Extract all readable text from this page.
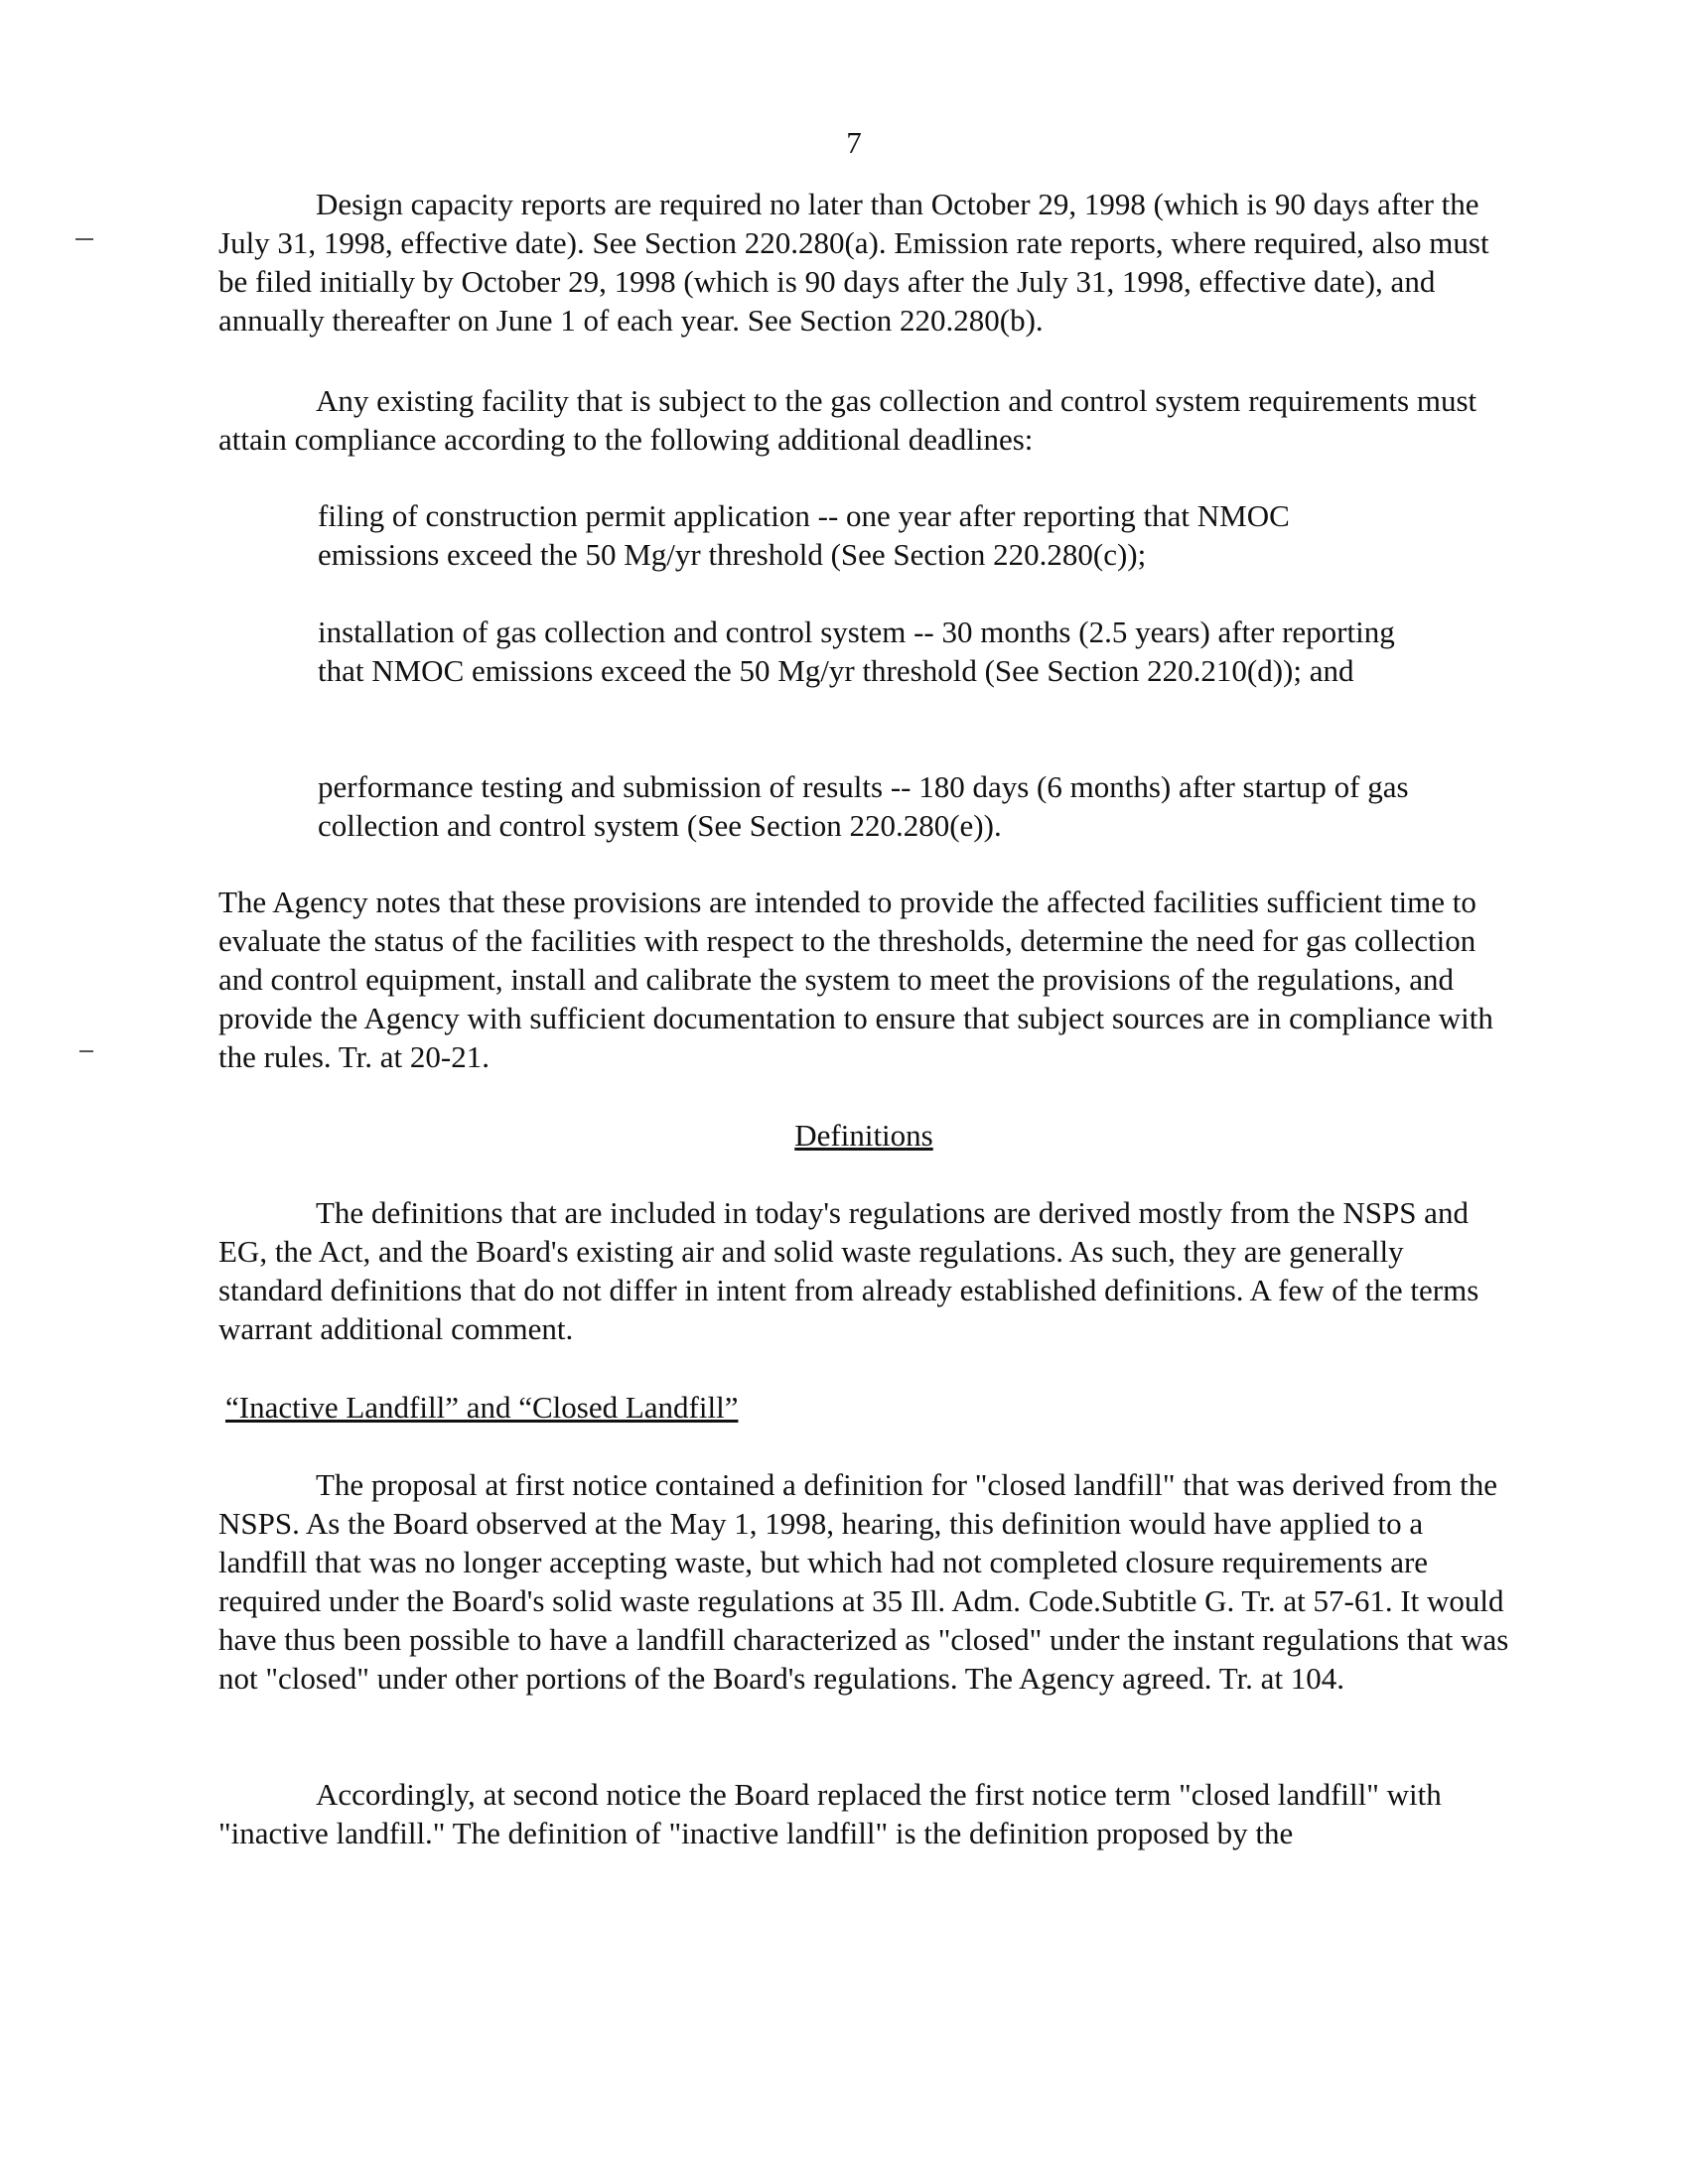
7

Design capacity reports are required no later than October 29, 1998 (which is 90 days after the July 31, 1998, effective date). See Section 220.280(a). Emission rate reports, where required, also must be filed initially by October 29, 1998 (which is 90 days after the July 31, 1998, effective date), and annually thereafter on June 1 of each year. See Section 220.280(b).

Any existing facility that is subject to the gas collection and control system requirements must attain compliance according to the following additional deadlines:

filing of construction permit application -- one year after reporting that NMOC emissions exceed the 50 Mg/yr threshold (See Section 220.280(c));

installation of gas collection and control system -- 30 months (2.5 years) after reporting that NMOC emissions exceed the 50 Mg/yr threshold (See Section 220.210(d)); and

performance testing and submission of results -- 180 days (6 months) after startup of gas collection and control system (See Section 220.280(e)).

The Agency notes that these provisions are intended to provide the affected facilities sufficient time to evaluate the status of the facilities with respect to the thresholds, determine the need for gas collection and control equipment, install and calibrate the system to meet the provisions of the regulations, and provide the Agency with sufficient documentation to ensure that subject sources are in compliance with the rules. Tr. at 20-21.

Definitions

The definitions that are included in today's regulations are derived mostly from the NSPS and EG, the Act, and the Board's existing air and solid waste regulations. As such, they are generally standard definitions that do not differ in intent from already established definitions. A few of the terms warrant additional comment.

“Inactive Landfill” and “Closed Landfill”

The proposal at first notice contained a definition for "closed landfill" that was derived from the NSPS. As the Board observed at the May 1, 1998, hearing, this definition would have applied to a landfill that was no longer accepting waste, but which had not completed closure requirements are required under the Board's solid waste regulations at 35 Ill. Adm. Code.Subtitle G. Tr. at 57-61. It would have thus been possible to have a landfill characterized as "closed" under the instant regulations that was not "closed" under other portions of the Board's regulations. The Agency agreed. Tr. at 104.

Accordingly, at second notice the Board replaced the first notice term "closed landfill" with "inactive landfill." The definition of "inactive landfill" is the definition proposed by the
